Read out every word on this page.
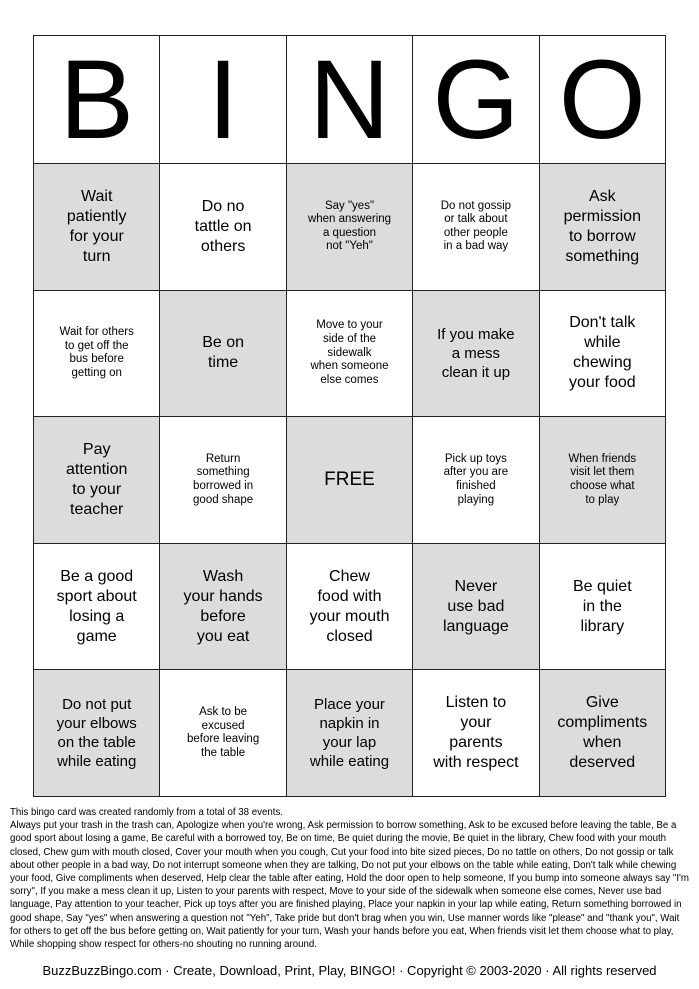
B I N G O
Wait
patiently
for your
turn
Do no
tattle on
others
Say "yes"
when answering
a question
not "Yeh"
Do not gossip
or talk about
other people
in a bad way
Ask
permission
to borrow
something
Wait for others
to get off the
bus before
getting on
Be on
time
Move to your
side of the
sidewalk
when someone
else comes
If you make
a mess
clean it up
Don't talk
while
chewing
your food
Pay
attention
to your
teacher
Return
something
borrowed in
good shape
FREE
Pick up toys
after you are
finished
playing
When friends
visit let them
choose what
to play
Be a good
sport about
losing a
game
Wash
your hands
before
you eat
Chew
food with
your mouth
closed
Never
use bad
language
Be quiet
in the
library
Do not put
your elbows
on the table
while eating
Ask to be
excused
before leaving
the table
Place your
napkin in
your lap
while eating
Listen to
your
parents
with respect
Give
compliments
when
deserved

This bingo card was created randomly from a total of 38 events.

Always put your trash in the trash can, Apologize when you're wrong, Ask permission to borrow something, Ask to be excused before leaving the table, Be a good sport about losing a game, Be careful with a borrowed toy, Be on time, Be quiet during the movie, Be quiet in the library, Chew food with your mouth closed, Chew gum with mouth closed, Cover your mouth when you cough, Cut your food into bite sized pieces, Do no tattle on others, Do not gossip or talk about other people in a bad way, Do not interrupt someone when they are talking, Do not put your elbows on the table while eating, Don't talk while chewing your food, Give compliments when deserved, Help clear the table after eating, Hold the door open to help someone, If you bump into someone always say "I'm sorry", If you make a mess clean it up, Listen to your parents with respect, Move to your side of the sidewalk when someone else comes, Never use bad language, Pay attention to your teacher, Pick up toys after you are finished playing, Place your napkin in your lap while eating, Return something borrowed in good shape, Say "yes" when answering a question not "Yeh", Take pride but don't brag when you win, Use manner words like "please" and "thank you", Wait for others to get off the bus before getting on, Wait patiently for your turn, Wash your hands before you eat, When friends visit let them choose what to play, While shopping show respect for others-no shouting no running around.

BuzzBuzzBingo.com · Create, Download, Print, Play, BINGO! · Copyright © 2003-2020 · All rights reserved
